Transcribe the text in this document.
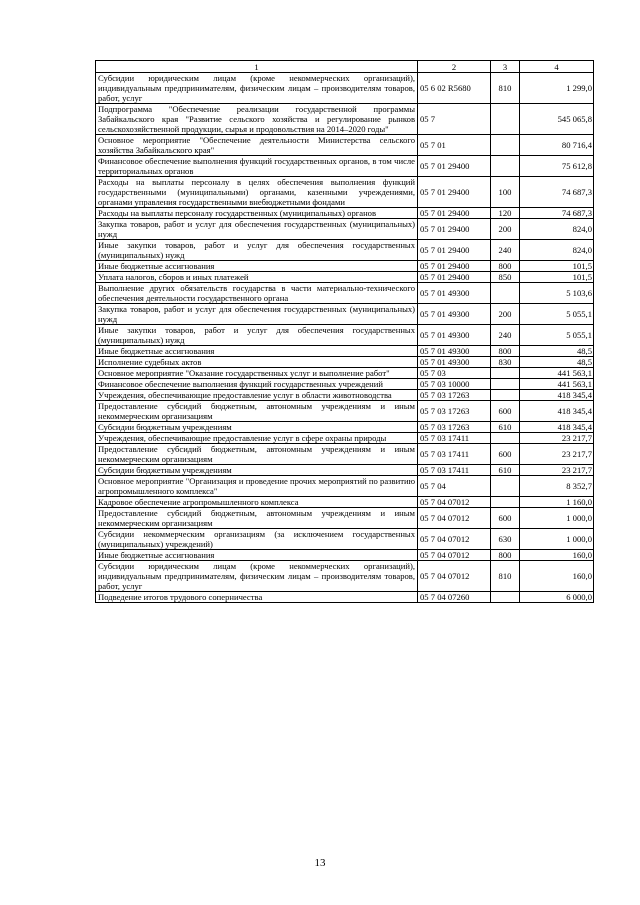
1	2	3	4
Субсидии юридическим лицам (кроме некоммерческих организаций), индивидуальным предпринимателям, физическим лицам – производителям товаров, работ, услуг	05 6 02 R5680	810	1 299,0
Подпрограмма "Обеспечение реализации государственной программы Забайкальского края "Развитие сельского хозяйства и регулирование рынков сельскохозяйственной продукции, сырья и продовольствия на 2014–2020 годы"	05 7		545 065,8
Основное мероприятие "Обеспечение деятельности Министерства сельского хозяйства Забайкальского края"	05 7 01		80 716,4
Финансовое обеспечение выполнения функций государственных органов, в том числе территориальных органов	05 7 01 29400		75 612,8
Расходы на выплаты персоналу в целях обеспечения выполнения функций государственными (муниципальными) органами, казенными учреждениями, органами управления государственными внебюджетными фондами	05 7 01 29400	100	74 687,3
Расходы на выплаты персоналу государственных (муниципальных) органов	05 7 01 29400	120	74 687,3
Закупка товаров, работ и услуг для обеспечения государственных (муниципальных) нужд	05 7 01 29400	200	824,0
Иные закупки товаров, работ и услуг для обеспечения государственных (муниципальных) нужд	05 7 01 29400	240	824,0
Иные бюджетные ассигнования	05 7 01 29400	800	101,5
Уплата налогов, сборов и иных платежей	05 7 01 29400	850	101,5
Выполнение других обязательств государства в части материально-технического обеспечения деятельности государственного органа	05 7 01 49300		5 103,6
Закупка товаров, работ и услуг для обеспечения государственных (муниципальных) нужд	05 7 01 49300	200	5 055,1
Иные закупки товаров, работ и услуг для обеспечения государственных (муниципальных) нужд	05 7 01 49300	240	5 055,1
Иные бюджетные ассигнования	05 7 01 49300	800	48,5
Исполнение судебных актов	05 7 01 49300	830	48,5
Основное мероприятие "Оказание государственных услуг и выполнение работ"	05 7 03		441 563,1
Финансовое обеспечение выполнения функций государственных учреждений	05 7 03 10000		441 563,1
Учреждения, обеспечивающие предоставление услуг в области животноводства	05 7 03 17263		418 345,4
Предоставление субсидий бюджетным, автономным учреждениям и иным некоммерческим организациям	05 7 03 17263	600	418 345,4
Субсидии бюджетным учреждениям	05 7 03 17263	610	418 345,4
Учреждения, обеспечивающие предоставление услуг в сфере охраны природы	05 7 03 17411		23 217,7
Предоставление субсидий бюджетным, автономным учреждениям и иным некоммерческим организациям	05 7 03 17411	600	23 217,7
Субсидии бюджетным учреждениям	05 7 03 17411	610	23 217,7
Основное мероприятие "Организация и проведение прочих мероприятий по развитию агропромышленного комплекса"	05 7 04		8 352,7
Кадровое обеспечение агропромышленного комплекса	05 7 04 07012		1 160,0
Предоставление субсидий бюджетным, автономным учреждениям и иным некоммерческим организациям	05 7 04 07012	600	1 000,0
Субсидии некоммерческим организациям (за исключением государственных (муниципальных) учреждений)	05 7 04 07012	630	1 000,0
Иные бюджетные ассигнования	05 7 04 07012	800	160,0
Субсидии юридическим лицам (кроме некоммерческих организаций), индивидуальным предпринимателям, физическим лицам – производителям товаров, работ, услуг	05 7 04 07012	810	160,0
Подведение итогов трудового соперничества	05 7 04 07260		6 000,0
13
